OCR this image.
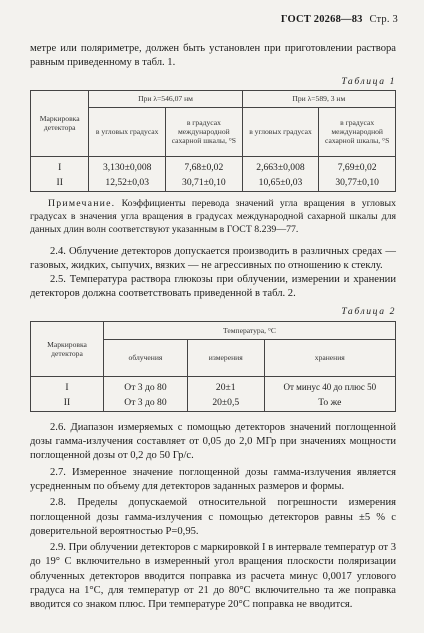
ГОСТ 20268—83 Стр. 3

метре или поляриметре, должен быть установлен при приготовлении раствора равным приведенному в табл. 1.

Таблица 1
Маркировка детектора	При λ=546,07 нм		При λ=589, 3 нм	
	в угловых градусах	в градусах международной сахарной шкалы, °S	в угловых градусах	в градусах международной сахарной шкалы, °S
I	3,130±0,008	7,68±0,02	2,663±0,008	7,69±0,02
II	12,52±0,03	30,71±0,10	10,65±0,03	30,77±0,10

Примечание. Коэффициенты перевода значений угла вращения в угловых градусах в значения угла вращения в градусах международной сахарной шкалы для данных длин волн соответствуют указанным в ГОСТ 8.239—77.

2.4. Облучение детекторов допускается производить в различных средах — газовых, жидких, сыпучих, вязких — не агрессивных по отношению к стеклу.

2.5. Температура раствора глюкозы при облучении, измерении и хранении детекторов должна соответствовать приведенной в табл. 2.

Таблица 2
Маркировка детектора	Температура, °C		
	облучения	измерения	хранения
I	От 3 до 80	20±1	От минус 40 до плюс 50
II	От 3 до 80	20±0,5	То же

2.6. Диапазон измеряемых с помощью детекторов значений поглощенной дозы гамма-излучения составляет от 0,05 до 2,0 МГр при значениях мощности поглощенной дозы от 0,2 до 50 Гр/с.

2.7. Измеренное значение поглощенной дозы гамма-излучения является усредненным по объему для детекторов заданных размеров и формы.

2.8. Пределы допускаемой относительной погрешности измерения поглощенной дозы гамма-излучения с помощью детекторов равны ±5 % с доверительной вероятностью P=0,95.

2.9. При облучении детекторов с маркировкой I в интервале температур от 3 до 19° С включительно в измеренный угол вращения плоскости поляризации облученных детекторов вводится поправка из расчета минус 0,0017 углового градуса на 1°С, для температур от 21 до 80°С включительно та же поправка вводится со знаком плюс. При температуре 20°С поправка не вводится.
